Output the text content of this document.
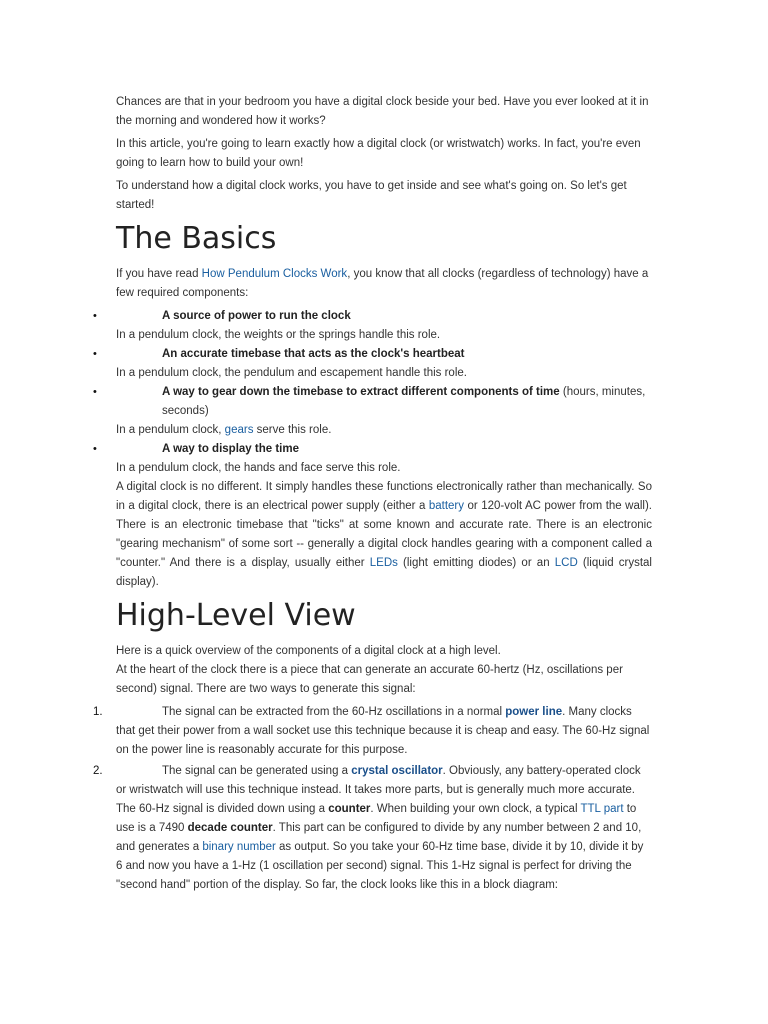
Chances are that in your bedroom you have a digital clock beside your bed. Have you ever looked at it in the morning and wondered how it works?

In this article, you're going to learn exactly how a digital clock (or wristwatch) works. In fact, you're even going to learn how to build your own!

To understand how a digital clock works, you have to get inside and see what's going on. So let's get started!

The Basics

If you have read How Pendulum Clocks Work, you know that all clocks (regardless of technology) have a few required components:

•	A source of power to run the clock
In a pendulum clock, the weights or the springs handle this role.
•	An accurate timebase that acts as the clock's heartbeat
In a pendulum clock, the pendulum and escapement handle this role.
•	A way to gear down the timebase to extract different components of time (hours, minutes, seconds)
In a pendulum clock, gears serve this role.
•	A way to display the time
In a pendulum clock, the hands and face serve this role.

A digital clock is no different. It simply handles these functions electronically rather than mechanically. So in a digital clock, there is an electrical power supply (either a battery or 120-volt AC power from the wall). There is an electronic timebase that "ticks" at some known and accurate rate. There is an electronic "gearing mechanism" of some sort -- generally a digital clock handles gearing with a component called a "counter." And there is a display, usually either LEDs (light emitting diodes) or an LCD (liquid crystal display).

High-Level View

Here is a quick overview of the components of a digital clock at a high level.

At the heart of the clock there is a piece that can generate an accurate 60-hertz (Hz, oscillations per second) signal. There are two ways to generate this signal:

1.	The signal can be extracted from the 60-Hz oscillations in a normal power line. Many clocks that get their power from a wall socket use this technique because it is cheap and easy. The 60-Hz signal on the power line is reasonably accurate for this purpose.
2.	The signal can be generated using a crystal oscillator. Obviously, any battery-operated clock or wristwatch will use this technique instead. It takes more parts, but is generally much more accurate. The 60-Hz signal is divided down using a counter. When building your own clock, a typical TTL part to use is a 7490 decade counter. This part can be configured to divide by any number between 2 and 10, and generates a binary number as output. So you take your 60-Hz time base, divide it by 10, divide it by 6 and now you have a 1-Hz (1 oscillation per second) signal. This 1-Hz signal is perfect for driving the "second hand" portion of the display. So far, the clock looks like this in a block diagram:
